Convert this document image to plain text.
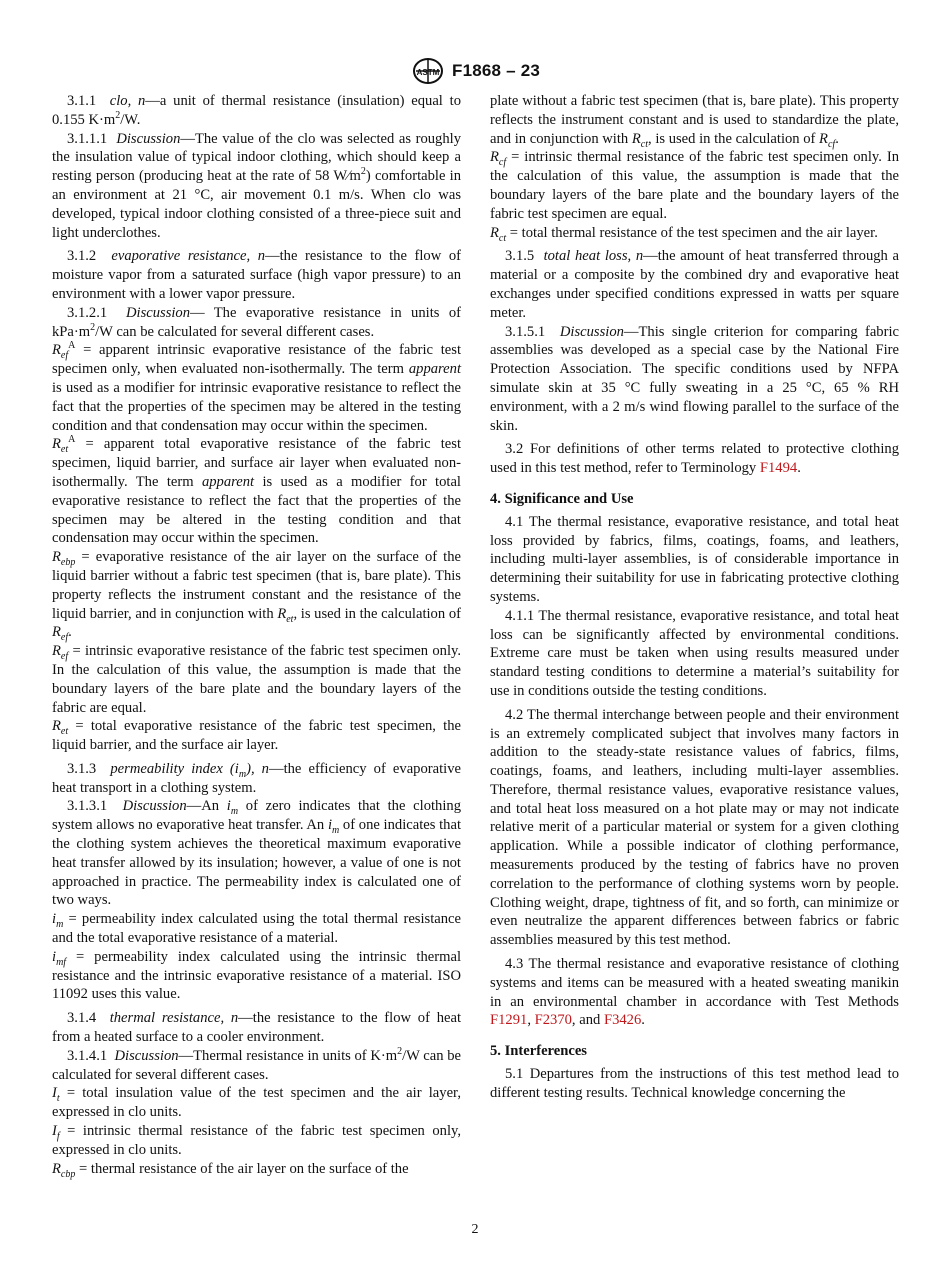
ASTM F1868 – 23

3.1.1 clo, n—a unit of thermal resistance (insulation) equal to 0.155 $K\cdot m^2/W$.

3.1.1.1 Discussion—The value of the clo was selected as roughly the insulation value of typical indoor clothing, which should keep a resting person (producing heat at the rate of 58 $W⁄m^2$) comfortable in an environment at 21 °C, air movement 0.1 m/s. When clo was developed, typical indoor clothing consisted of a three-piece suit and light underclothes.

3.1.2 evaporative resistance, n—the resistance to the flow of moisture vapor from a saturated surface (high vapor pressure) to an environment with a lower vapor pressure.

3.1.2.1 Discussion— The evaporative resistance in units of $kPa\cdot m^2/W$ can be calculated for several different cases.

$R_{ef}^A$ = apparent intrinsic evaporative resistance of the fabric test specimen only, when evaluated non-isothermally. The term apparent is used as a modifier for intrinsic evaporative resistance to reflect the fact that the properties of the specimen may be altered in the testing condition and that condensation may occur within the specimen.

$R_{et}^A$ = apparent total evaporative resistance of the fabric test specimen, liquid barrier, and surface air layer when evaluated non-isothermally. The term apparent is used as a modifier for total evaporative resistance to reflect the fact that the properties of the specimen may be altered in the testing condition and that condensation may occur within the specimen.

$R_{ebp}$ = evaporative resistance of the air layer on the surface of the liquid barrier without a fabric test specimen (that is, bare plate). This property reflects the instrument constant and the resistance of the liquid barrier, and in conjunction with $R_{et}$, is used in the calculation of $R_{ef}$.

$R_{ef}$ = intrinsic evaporative resistance of the fabric test specimen only. In the calculation of this value, the assumption is made that the boundary layers of the bare plate and the boundary layers of the fabric are equal.

$R_{et}$ = total evaporative resistance of the fabric test specimen, the liquid barrier, and the surface air layer.

3.1.3 permeability index $(i_m)$, n—the efficiency of evaporative heat transport in a clothing system.

3.1.3.1 Discussion—An $i_m$ of zero indicates that the clothing system allows no evaporative heat transfer. An $i_m$ of one indicates that the clothing system achieves the theoretical maximum evaporative heat transfer allowed by its insulation; however, a value of one is not approached in practice. The permeability index is calculated one of two ways.

$i_m$ = permeability index calculated using the total thermal resistance and the total evaporative resistance of a material.

$i_{mf}$ = permeability index calculated using the intrinsic thermal resistance and the intrinsic evaporative resistance of a material. ISO 11092 uses this value.

3.1.4 thermal resistance, n—the resistance to the flow of heat from a heated surface to a cooler environment.

3.1.4.1 Discussion—Thermal resistance in units of $K\cdot m^2/W$ can be calculated for several different cases.

$I_t$ = total insulation value of the test specimen and the air layer, expressed in clo units.

$I_f$ = intrinsic thermal resistance of the fabric test specimen only, expressed in clo units.

$R_{cbp}$ = thermal resistance of the air layer on the surface of the

plate without a fabric test specimen (that is, bare plate). This property reflects the instrument constant and is used to standardize the plate, and in conjunction with $R_{ct}$, is used in the calculation of $R_{cf}$.

$R_{cf}$ = intrinsic thermal resistance of the fabric test specimen only. In the calculation of this value, the assumption is made that the boundary layers of the bare plate and the boundary layers of the fabric test specimen are equal.

$R_{ct}$ = total thermal resistance of the test specimen and the air layer.

3.1.5 total heat loss, n—the amount of heat transferred through a material or a composite by the combined dry and evaporative heat exchanges under specified conditions expressed in watts per square meter.

3.1.5.1 Discussion—This single criterion for comparing fabric assemblies was developed as a special case by the National Fire Protection Association. The specific conditions used by NFPA simulate skin at 35 °C fully sweating in a 25 °C, 65 % RH environment, with a 2 m/s wind flowing parallel to the surface of the skin.

3.2 For definitions of other terms related to protective clothing used in this test method, refer to Terminology F1494.

4. Significance and Use

4.1 The thermal resistance, evaporative resistance, and total heat loss provided by fabrics, films, coatings, foams, and leathers, including multi-layer assemblies, is of considerable importance in determining their suitability for use in fabricating protective clothing systems.

4.1.1 The thermal resistance, evaporative resistance, and total heat loss can be significantly affected by environmental conditions. Extreme care must be taken when using results measured under standard testing conditions to determine a material’s suitability for use in conditions outside the testing conditions.

4.2 The thermal interchange between people and their environment is an extremely complicated subject that involves many factors in addition to the steady-state resistance values of fabrics, films, coatings, foams, and leathers, including multi-layer assemblies. Therefore, thermal resistance values, evaporative resistance values, and total heat loss measured on a hot plate may or may not indicate relative merit of a particular material or system for a given clothing application. While a possible indicator of clothing performance, measurements produced by the testing of fabrics have no proven correlation to the performance of clothing systems worn by people. Clothing weight, drape, tightness of fit, and so forth, can minimize or even neutralize the apparent differences between fabrics or fabric assemblies measured by this test method.

4.3 The thermal resistance and evaporative resistance of clothing systems and items can be measured with a heated sweating manikin in an environmental chamber in accordance with Test Methods F1291, F2370, and F3426.

5. Interferences

5.1 Departures from the instructions of this test method lead to different testing results. Technical knowledge concerning the

2
